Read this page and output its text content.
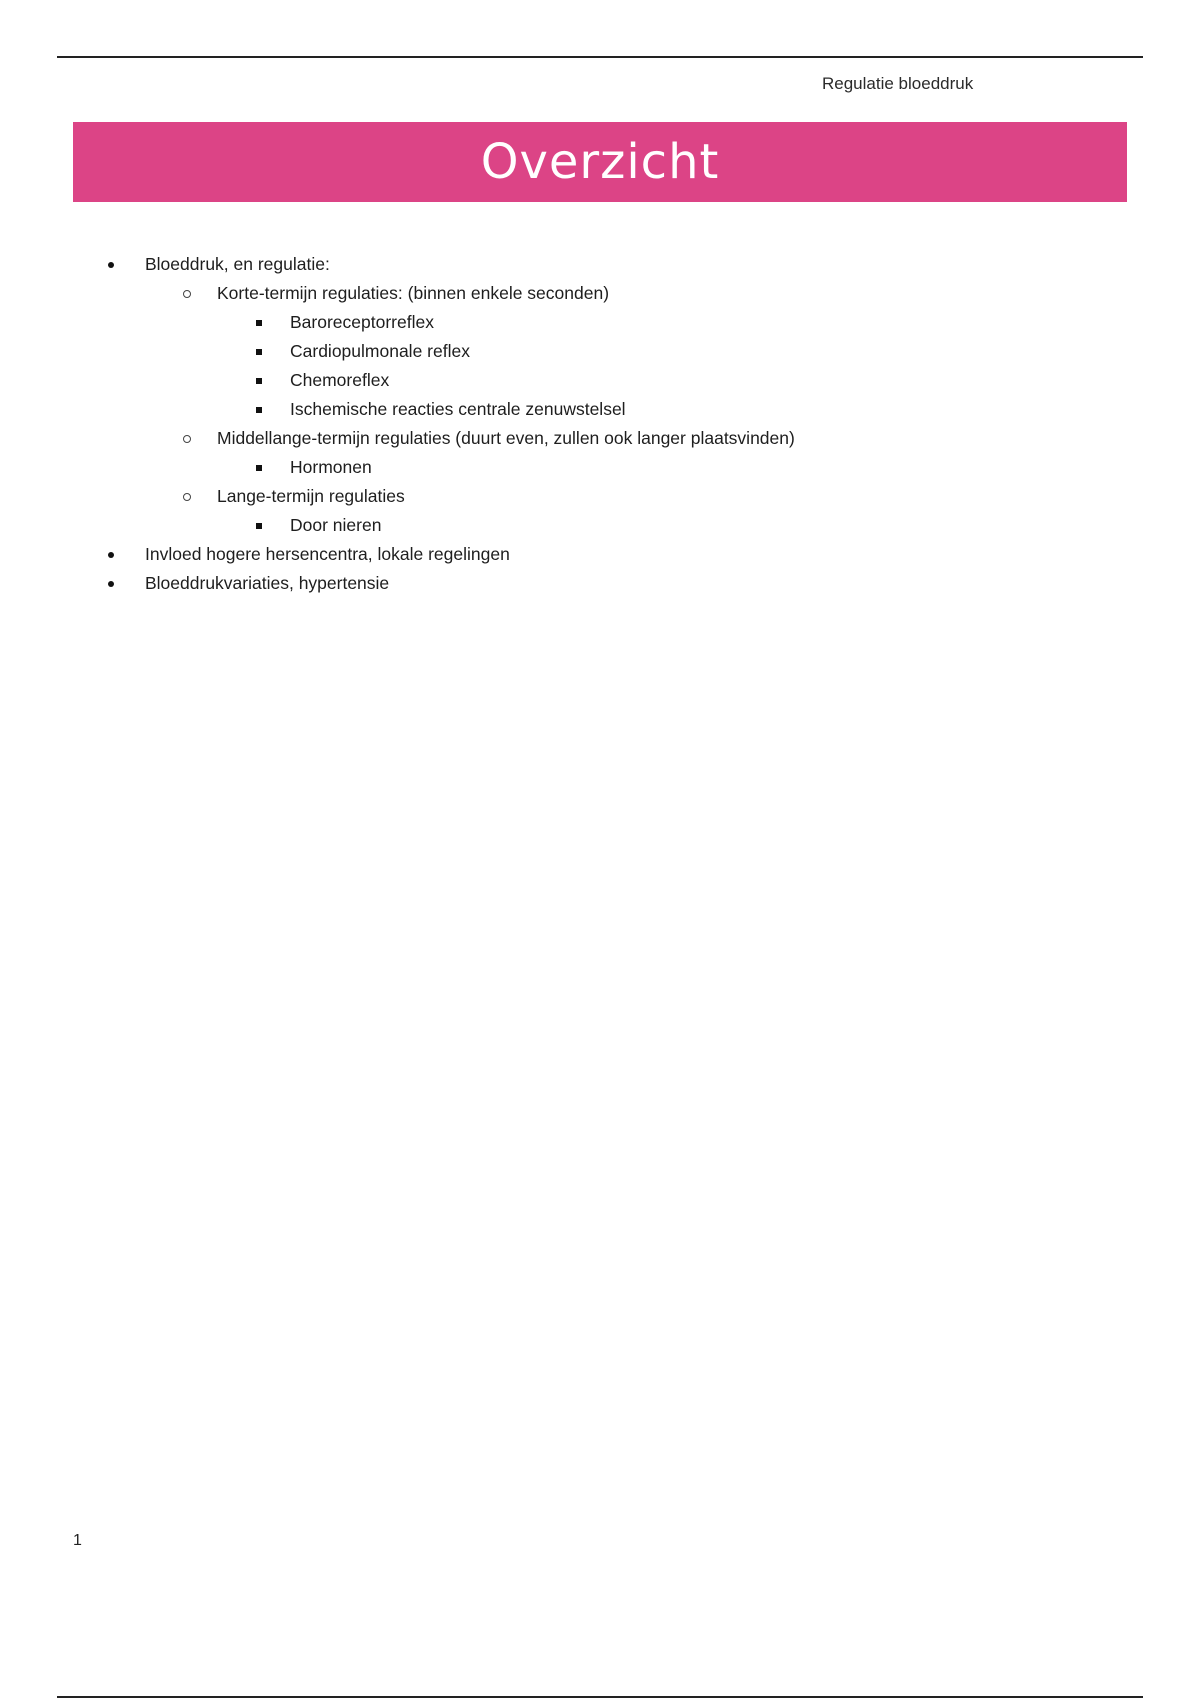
Regulatie bloeddruk
Overzicht
Bloeddruk, en regulatie:
Korte-termijn regulaties: (binnen enkele seconden)
Baroreceptorreflex
Cardiopulmonale reflex
Chemoreflex
Ischemische reacties centrale zenuwstelsel
Middellange-termijn regulaties (duurt even, zullen ook langer plaatsvinden)
Hormonen
Lange-termijn regulaties
Door nieren
Invloed hogere hersencentra, lokale regelingen
Bloeddrukvariaties, hypertensie
1
